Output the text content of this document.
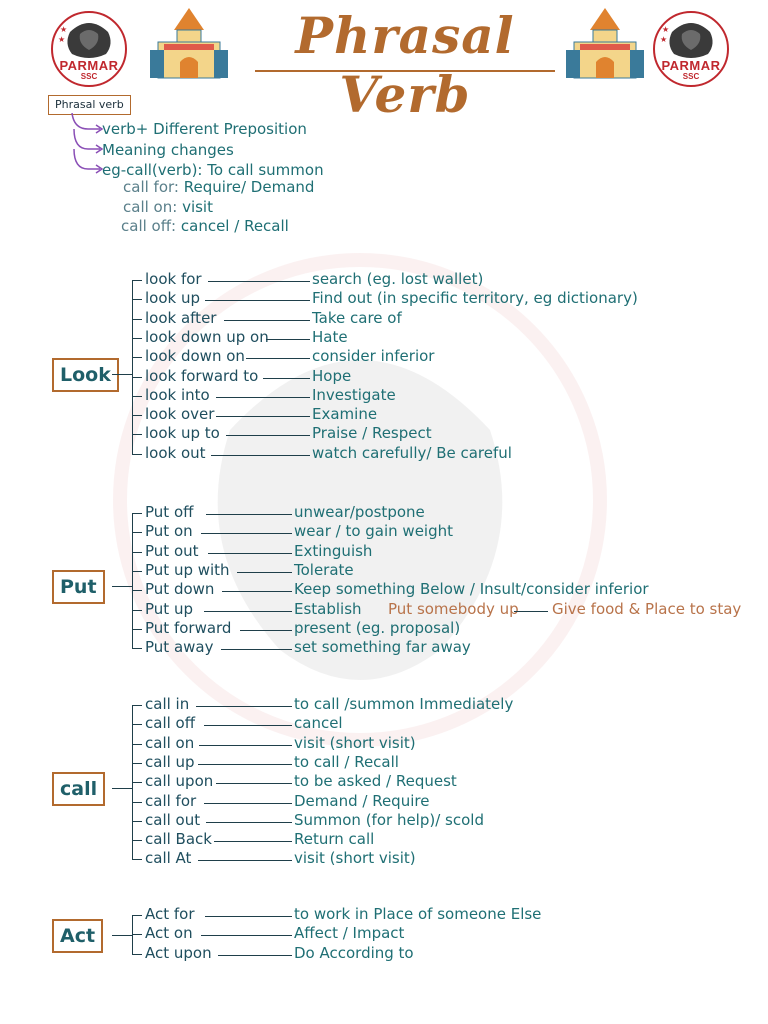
★
★
PARMAR
SSC
Phrasal Verb
★
★
PARMAR
SSC
Phrasal verb
verb+ Different Preposition
Meaning changes
eg-call(verb): To call summon
call for: Require/ Demand
call on: visit
call off: cancel / Recall
Look
look for	search (eg. lost wallet)
look up	Find out (in specific territory, eg dictionary)
look after	Take care of
look down up on	Hate
look down on	consider inferior
look forward to	Hope
look into	Investigate
look over	Examine
look up to	Praise / Respect
look out	watch carefully/ Be careful
Put
Put off	unwear/postpone
Put on	wear / to gain weight
Put out	Extinguish
Put up with	Tolerate
Put down	Keep something Below / Insult/consider inferior
Put up	Establish
Put forward	present (eg. proposal)
Put away	set something far away
Put somebody up Give food & Place to stay
call
call in	to call /summon Immediately
call off	cancel
call on	visit (short visit)
call up	to call / Recall
call upon	to be asked / Request
call for	Demand / Require
call out	Summon (for help)/ scold
call Back	Return call
call At	visit (short visit)
Act
Act for	to work in Place of someone Else
Act on	Affect / Impact
Act upon	Do According to
